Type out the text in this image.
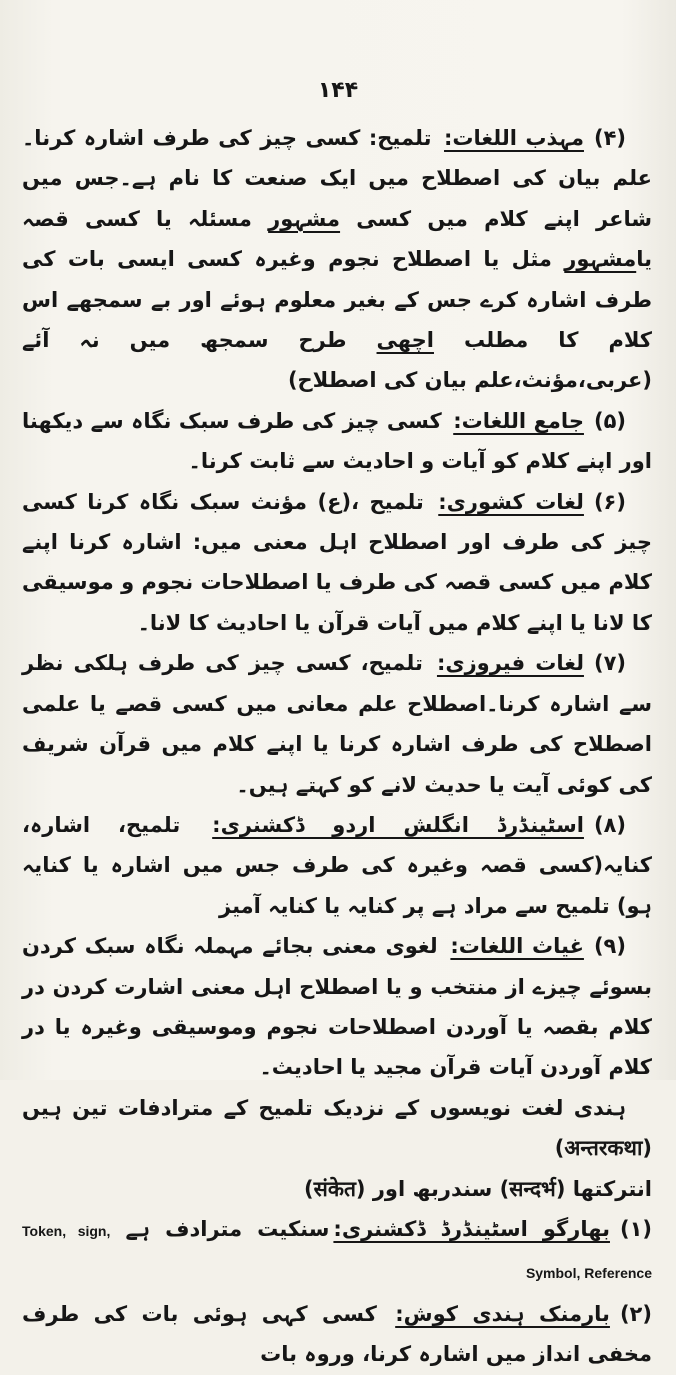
۱۴۴

(۴)مہذب اللغات: تلمیح: کسی چیز کی طرف اشارہ کرنا۔علم بیان کی اصطلاح میں ایک صنعت کا نام ہے۔جس میں شاعر اپنے کلام میں کسی مشہور مسئلہ یا کسی قصہ یامشہور مثل یا اصطلاح نجوم وغیرہ کسی ایسی بات کی طرف اشارہ کرے جس کے بغیر معلوم ہوئے اور بے سمجھے اس کلام کا مطلب اچھی طرح سمجھ میں نہ آئے (عربی،مؤنث،علم بیان کی اصطلاح)

(۵)جامع اللغات: کسی چیز کی طرف سبک نگاہ سے دیکھنا اور اپنے کلام کو آیات و احادیث سے ثابت کرنا۔

(۶)لغات کشوری: تلمیح ،(ع) مؤنث سبک نگاہ کرنا کسی چیز کی طرف اور اصطلاح اہل معنی میں: اشارہ کرنا اپنے کلام میں کسی قصہ کی طرف یا اصطلاحات نجوم و موسیقی کا لانا یا اپنے کلام میں آیات قرآن یا احادیث کا لانا۔

(۷)لغات فیروزی: تلمیح، کسی چیز کی طرف ہلکی نظر سے اشارہ کرنا۔اصطلاح علم معانی میں کسی قصے یا علمی اصطلاح کی طرف اشارہ کرنا یا اپنے کلام میں قرآن شریف کی کوئی آیت یا حدیث لانے کو کہتے ہیں۔

(۸)اسٹینڈرڈ انگلش اردو ڈکشنری: تلمیح، اشارہ، کنایہ(کسی قصہ وغیرہ کی طرف جس میں اشارہ یا کنایہ ہو) تلمیح سے مراد ہے پر کنایہ یا کنایہ آمیز

(۹)غیاث اللغات: لغوی معنی بجائے مہملہ نگاہ سبک کردن بسوئے چیزے از منتخب و یا اصطلاح اہل معنی اشارت کردن در کلام بقصہ یا آوردن اصطلاحات نجوم وموسیقی وغیرہ یا در کلام آوردن آیات قرآن مجید یا احادیث۔

ہندی لغت نویسوں کے نزدیک تلمیح کے مترادفات تین ہیں (अन्तरकथा)

انترکتھا (सन्दर्भ) سندربھ اور (संकेत)

(۱)بھارگو اسٹینڈرڈ ڈکشنری:سنکیت مترادف ہے Token, sign, Symbol, Reference

(۲)بارمنک ہندی کوش: کسی کہی ہوئی بات کی طرف مخفی انداز میں اشارہ کرنا، وروہ بات
